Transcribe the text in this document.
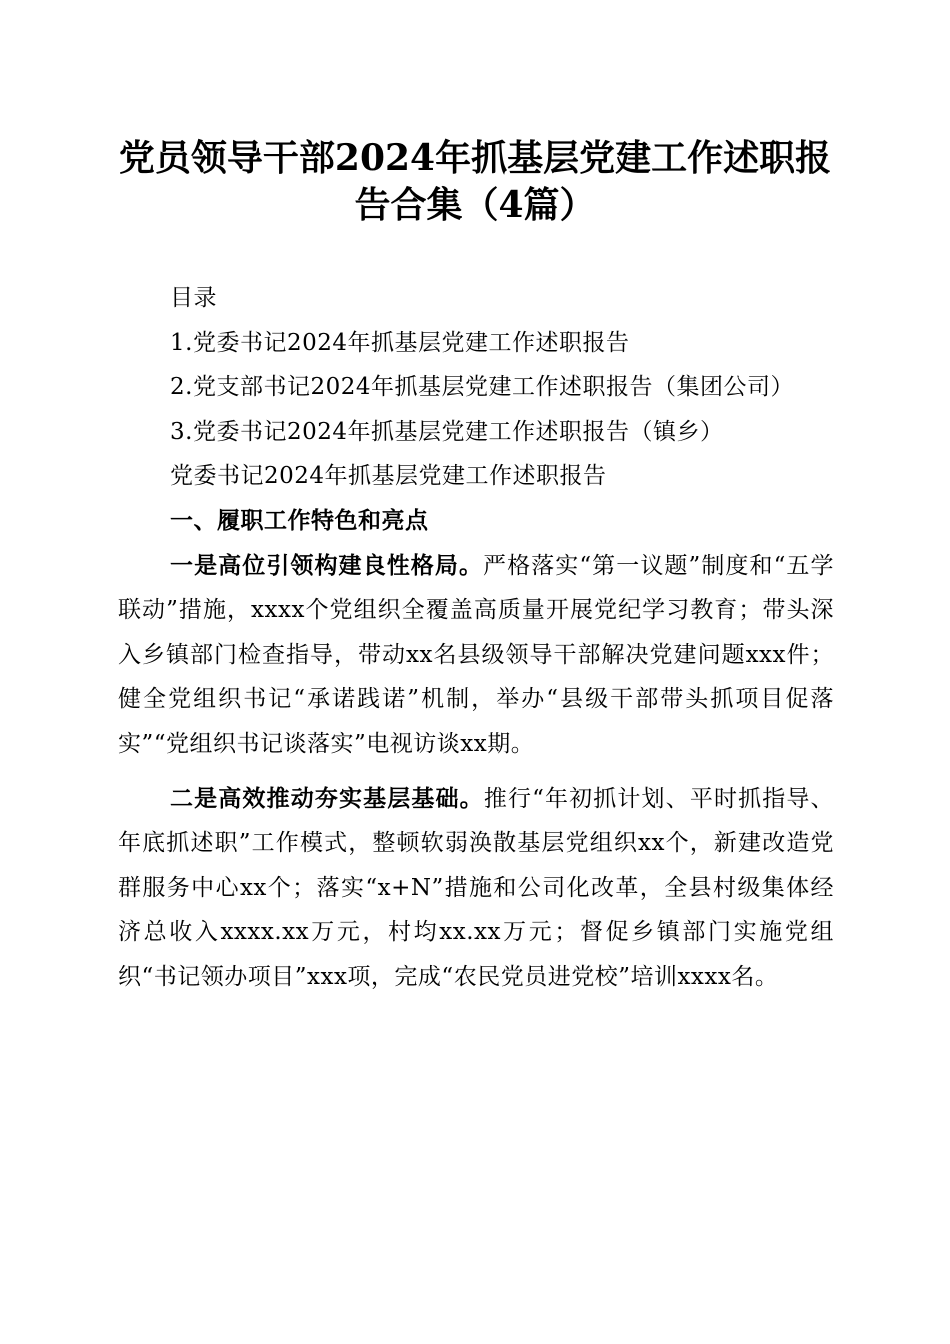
党员领导干部2024年抓基层党建工作述职报
告合集（4篇）

目录

1.党委书记2024年抓基层党建工作述职报告

2.党支部书记2024年抓基层党建工作述职报告（集团公司）

3.党委书记2024年抓基层党建工作述职报告（镇乡）

党委书记2024年抓基层党建工作述职报告

一、履职工作特色和亮点

一是高位引领构建良性格局。严格落实“第一议题”制度和“五学联动”措施，xxxx个党组织全覆盖高质量开展党纪学习教育；带头深入乡镇部门检查指导，带动xx名县级领导干部解决党建问题xxx件；健全党组织书记“承诺践诺”机制，举办“县级干部带头抓项目促落实”“党组织书记谈落实”电视访谈xx期。

二是高效推动夯实基层基础。推行“年初抓计划、平时抓指导、年底抓述职”工作模式，整顿软弱涣散基层党组织xx个，新建改造党群服务中心xx个；落实“x+N”措施和公司化改革，全县村级集体经济总收入xxxx.xx万元，村均xx.xx万元；督促乡镇部门实施党组织“书记领办项目”xxx项，完成“农民党员进党校”培训xxxx名。
